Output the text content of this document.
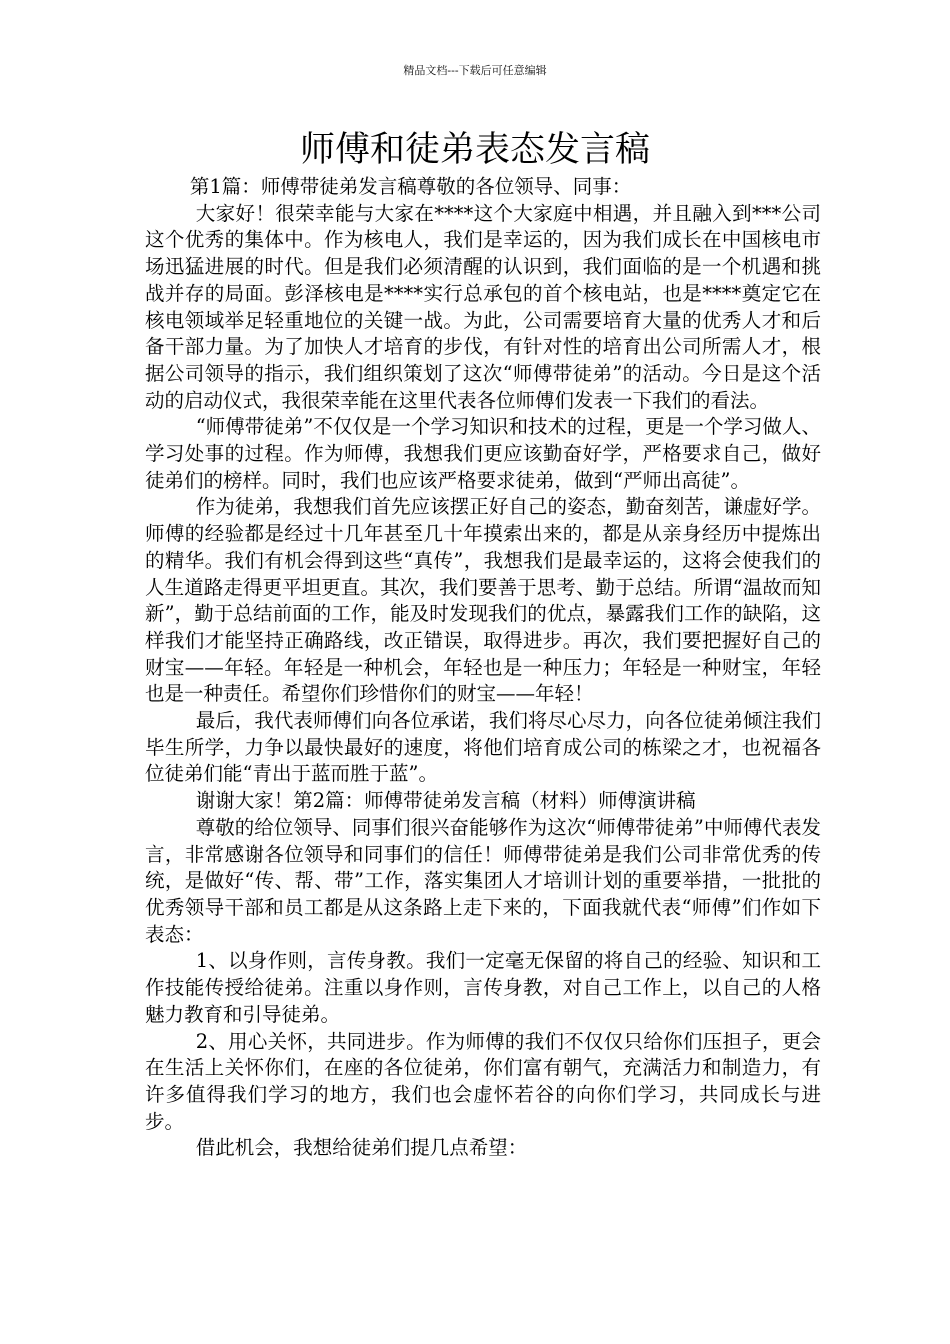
精品文档---下载后可任意编辑
师傅和徒弟表态发言稿

第1篇：师傅带徒弟发言稿尊敬的各位领导、同事：

大家好！很荣幸能与大家在****这个大家庭中相遇，并且融入到***公司这个优秀的集体中。作为核电人，我们是幸运的，因为我们成长在中国核电市场迅猛进展的时代。但是我们必须清醒的认识到，我们面临的是一个机遇和挑战并存的局面。彭泽核电是****实行总承包的首个核电站，也是****奠定它在核电领域举足轻重地位的关键一战。为此，公司需要培育大量的优秀人才和后备干部力量。为了加快人才培育的步伐，有针对性的培育出公司所需人才，根据公司领导的指示，我们组织策划了这次“师傅带徒弟”的活动。今日是这个活动的启动仪式，我很荣幸能在这里代表各位师傅们发表一下我们的看法。

“师傅带徒弟”不仅仅是一个学习知识和技术的过程，更是一个学习做人、学习处事的过程。作为师傅，我想我们更应该勤奋好学，严格要求自己，做好徒弟们的榜样。同时，我们也应该严格要求徒弟，做到“严师出高徒”。

作为徒弟，我想我们首先应该摆正好自己的姿态，勤奋刻苦，谦虚好学。师傅的经验都是经过十几年甚至几十年摸索出来的，都是从亲身经历中提炼出的精华。我们有机会得到这些“真传”，我想我们是最幸运的，这将会使我们的人生道路走得更平坦更直。其次，我们要善于思考、勤于总结。所谓“温故而知新”，勤于总结前面的工作，能及时发现我们的优点，暴露我们工作的缺陷，这样我们才能坚持正确路线，改正错误，取得进步。再次，我们要把握好自己的财宝——年轻。年轻是一种机会，年轻也是一种压力；年轻是一种财宝，年轻也是一种责任。希望你们珍惜你们的财宝——年轻！

最后，我代表师傅们向各位承诺，我们将尽心尽力，向各位徒弟倾注我们毕生所学，力争以最快最好的速度，将他们培育成公司的栋梁之才，也祝福各位徒弟们能“青出于蓝而胜于蓝”。

谢谢大家！第2篇：师傅带徒弟发言稿（材料）师傅演讲稿

尊敬的给位领导、同事们很兴奋能够作为这次“师傅带徒弟”中师傅代表发言，非常感谢各位领导和同事们的信任！师傅带徒弟是我们公司非常优秀的传统，是做好“传、帮、带”工作，落实集团人才培训计划的重要举措，一批批的优秀领导干部和员工都是从这条路上走下来的，下面我就代表“师傅”们作如下表态：

1、以身作则，言传身教。我们一定毫无保留的将自己的经验、知识和工作技能传授给徒弟。注重以身作则，言传身教，对自己工作上，以自己的人格魅力教育和引导徒弟。

2、用心关怀，共同进步。作为师傅的我们不仅仅只给你们压担子，更会在生活上关怀你们，在座的各位徒弟，你们富有朝气，充满活力和制造力，有许多值得我们学习的地方，我们也会虚怀若谷的向你们学习，共同成长与进步。

借此机会，我想给徒弟们提几点希望：
